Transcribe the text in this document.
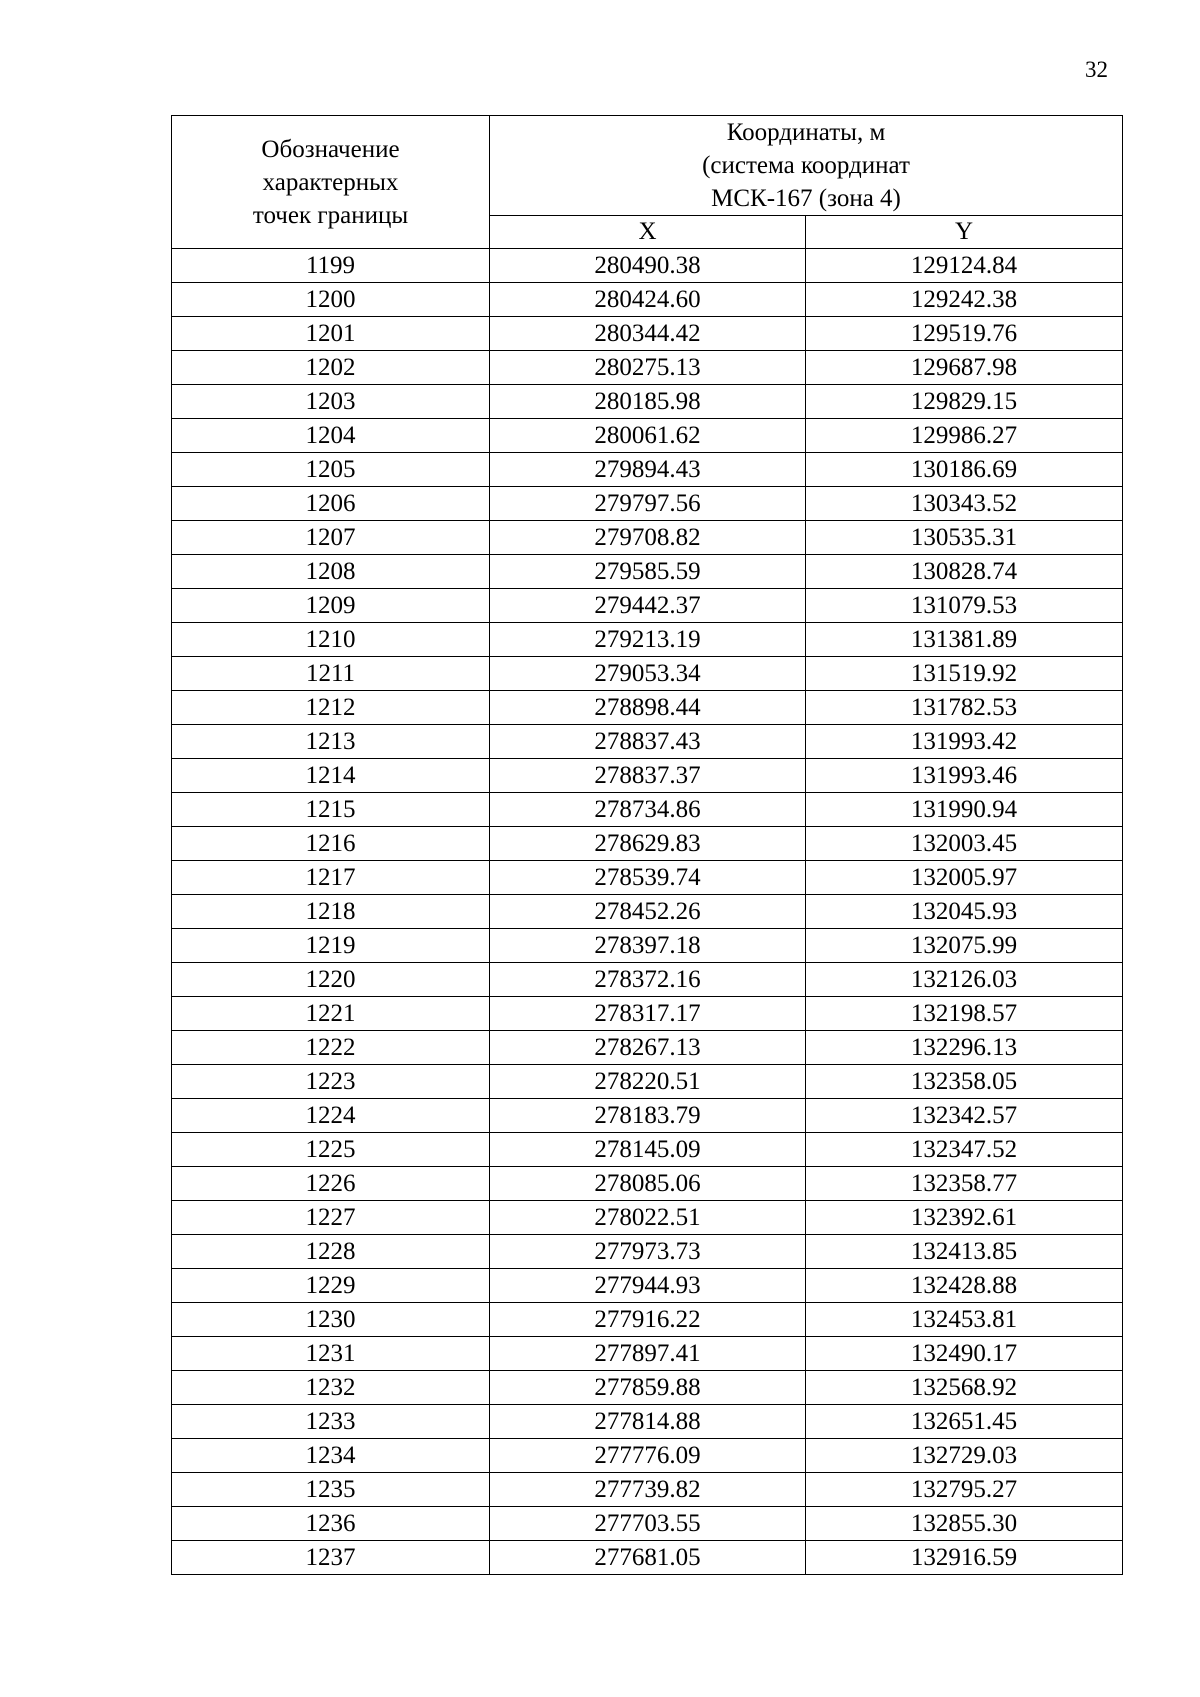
32
Обозначение
характерных
точек границы	Координаты, м
(система координат
МСК-167 (зона 4)	

	X	Y
1199	280490.38	129124.84
1200	280424.60	129242.38
1201	280344.42	129519.76
1202	280275.13	129687.98
1203	280185.98	129829.15
1204	280061.62	129986.27
1205	279894.43	130186.69
1206	279797.56	130343.52
1207	279708.82	130535.31
1208	279585.59	130828.74
1209	279442.37	131079.53
1210	279213.19	131381.89
1211	279053.34	131519.92
1212	278898.44	131782.53
1213	278837.43	131993.42
1214	278837.37	131993.46
1215	278734.86	131990.94
1216	278629.83	132003.45
1217	278539.74	132005.97
1218	278452.26	132045.93
1219	278397.18	132075.99
1220	278372.16	132126.03
1221	278317.17	132198.57
1222	278267.13	132296.13
1223	278220.51	132358.05
1224	278183.79	132342.57
1225	278145.09	132347.52
1226	278085.06	132358.77
1227	278022.51	132392.61
1228	277973.73	132413.85
1229	277944.93	132428.88
1230	277916.22	132453.81
1231	277897.41	132490.17
1232	277859.88	132568.92
1233	277814.88	132651.45
1234	277776.09	132729.03
1235	277739.82	132795.27
1236	277703.55	132855.30
1237	277681.05	132916.59
